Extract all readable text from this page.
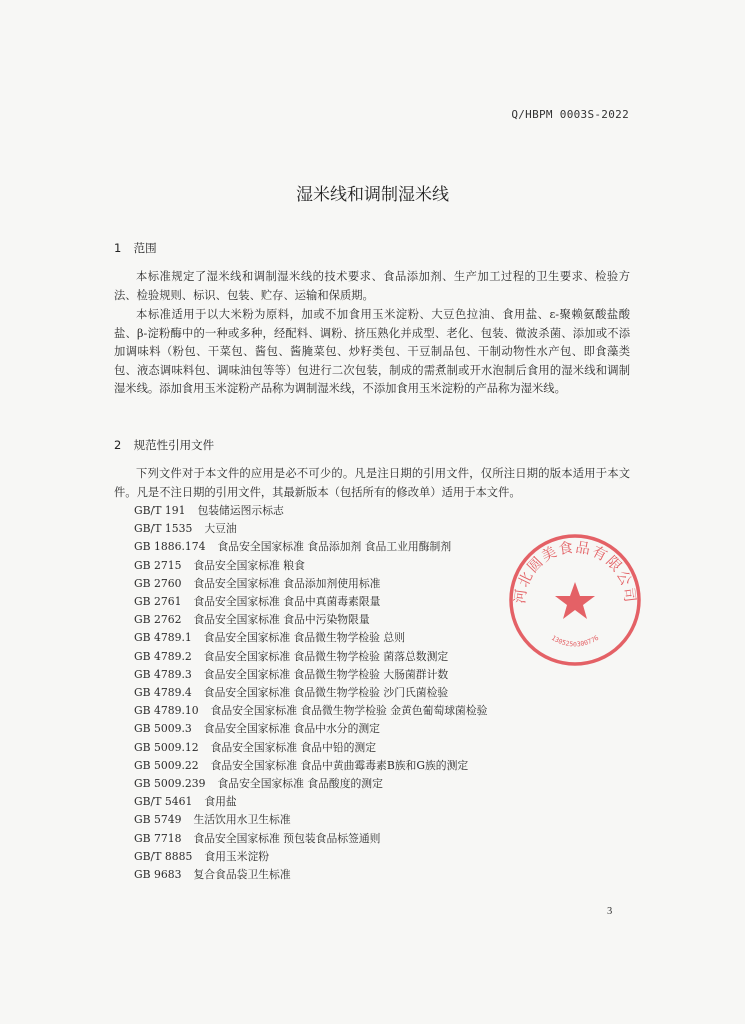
Q/HBPM 0003S-2022
湿米线和调制湿米线
1 范围
本标准规定了湿米线和调制湿米线的技术要求、食品添加剂、生产加工过程的卫生要求、检验方法、检验规则、标识、包装、贮存、运输和保质期。
本标准适用于以大米粉为原料，加或不加食用玉米淀粉、大豆色拉油、食用盐、ε-聚赖氨酸盐酸盐、β-淀粉酶中的一种或多种，经配料、调粉、挤压熟化并成型、老化、包装、微波杀菌、添加或不添加调味料（粉包、干菜包、酱包、酱腌菜包、炒籽类包、干豆制品包、干制动物性水产包、即食藻类包、液态调味料包、调味油包等等）包进行二次包装，制成的需煮制或开水泡制后食用的湿米线和调制湿米线。添加食用玉米淀粉产品称为调制湿米线，不添加食用玉米淀粉的产品称为湿米线。
2 规范性引用文件
下列文件对于本文件的应用是必不可少的。凡是注日期的引用文件，仅所注日期的版本适用于本文件。凡是不注日期的引用文件，其最新版本（包括所有的修改单）适用于本文件。
GB/T 191 包装储运图示标志
GB/T 1535 大豆油
GB 1886.174 食品安全国家标准 食品添加剂 食品工业用酶制剂
GB 2715 食品安全国家标准 粮食
GB 2760 食品安全国家标准 食品添加剂使用标准
GB 2761 食品安全国家标准 食品中真菌毒素限量
GB 2762 食品安全国家标准 食品中污染物限量
GB 4789.1 食品安全国家标准 食品微生物学检验 总则
GB 4789.2 食品安全国家标准 食品微生物学检验 菌落总数测定
GB 4789.3 食品安全国家标准 食品微生物学检验 大肠菌群计数
GB 4789.4 食品安全国家标准 食品微生物学检验 沙门氏菌检验
GB 4789.10 食品安全国家标准 食品微生物学检验 金黄色葡萄球菌检验
GB 5009.3 食品安全国家标准 食品中水分的测定
GB 5009.12 食品安全国家标准 食品中铅的测定
GB 5009.22 食品安全国家标准 食品中黄曲霉毒素B族和G族的测定
GB 5009.239 食品安全国家标准 食品酸度的测定
GB/T 5461 食用盐
GB 5749 生活饮用水卫生标准
GB 7718 食品安全国家标准 预包装食品标签通则
GB/T 8885 食用玉米淀粉
GB 9683 复合食品袋卫生标准
河北圆美食品有限公司
1305250300776
3
